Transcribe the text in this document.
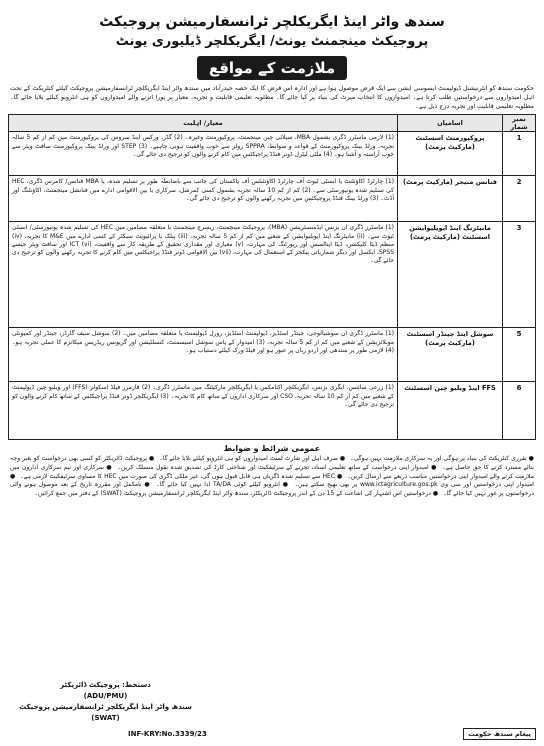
سندھ واٹر اینڈ ایگریکلچر ٹرانسفارمیشن پروجیکٹ
پروجیکٹ مینجمنٹ یونٹ/ ایگریکلچر ڈیلیوری یونٹ
ملازمت کے مواقع
حکومت سندھ کو انٹرنیشنل ڈیولپمنٹ ایسوسی ایشن سے ایک قرض موصول ہوا ہے اور ادارہ اس قرض کا ایک حصہ حیدرآباد میں سندھ واٹر اینڈ ایگریکلچر ٹرانسفارمیشن پروجیکٹ کیلئے کنٹریکٹ کے تحت اہل امیدواروں سے درخواستیں طلب کرتا ہے۔ امیدواروں کا انتخاب میرٹ کی بنیاد پر کیا جائے گا۔ مطلوبہ تعلیمی قابلیت و تجربہ، معیار پر پورا اترنے والے امیدواروں کو ہی انٹرویو کیلئے بلایا جائے گا۔ مطلوبہ تعلیمی قابلیت اور تجربہ درج ذیل ہے۔
نمبر شمار	اسامیاں	معیار/ اہلیت
1	پروکیورمنٹ اسسٹنٹ (مارکیٹ پرمٹ)	(1) لازمی ماسٹرز ڈگری بشمول MBA، سپلائی چین مینجمنٹ، پروکیورمنٹ وغیرہ۔ (2) گڈز، ورکس اینڈ سروس کی پروکیورمنٹ میں کم از کم 5 سالہ تجربہ، ورلڈ بینک پروکیورمنٹ کے قواعد و ضوابط، SPPRA رولز سے خوب واقفیت ہونی چاہیے۔ (3) STEP اور ورلڈ بینک پروکیورمنٹ سافٹ ویئر سے خوب آراستہ و آشنا ہو۔ (4) ملٹی لیٹرل ڈونر فنڈڈ پراجیکٹس میں کام کرنے والوں کو ترجیح دی جائے گی۔
2	فنانس منیجر (مارکیٹ پرمٹ)	(1) چارٹرڈ اکاؤنٹنٹ یا انسٹی ٹیوٹ آف چارٹرڈ اکاؤنٹنٹس آف پاکستان کی جانب سے باضابطہ طور پر تسلیم شدہ، یا MBA فنانس/ کامرس ڈگری، HEC کی تسلیم شدہ یونیورسٹی سے۔ (2) کم از کم 10 سالہ تجربہ بشمول کسی کمرشل، سرکاری یا بین الاقوامی ادارے میں فنانشل مینجمنٹ، اکاؤنٹنگ اور آڈٹ۔ (3) ورلڈ بینک فنڈڈ پروجیکٹس میں تجربہ رکھنے والوں کو ترجیح دی جائے گی۔
3	مانیٹرنگ اینڈ ایویلیوایشن اسسٹنٹ (مارکیٹ پرمٹ)	(1) ماسٹرز ڈگری ان بزنس ایڈمنسٹریشن (MBA)، پروجیکٹ مینجمنٹ، ریسرچ مینجمنٹ یا متعلقہ مضامین میں HEC کی تسلیم شدہ یونیورسٹی/ انسٹی ٹیوٹ سے۔ (ii) مانیٹرنگ اینڈ ایویلیوایشن کے شعبے میں کم از کم 5 سالہ تجربہ، (iii) پبلک یا پرائیویٹ سیکٹر کے کسی ادارے میں M&E کا تجربہ، (iv) منظم ڈیٹا کلیکشن، ڈیٹا اینالسس اور رپورٹنگ کی مہارت، (v) معیاری اور مقداری تحقیق کے طریقہ کار سے واقفیت، (vi) ICT اور سافٹ ویئر جیسے SPSS، ایکسل اور دیگر شماریاتی پیکجز کے استعمال کی مہارت، (vii) بین الاقوامی ڈونر فنڈڈ پراجیکٹس میں کام کرنے کا تجربہ رکھنے والوں کو ترجیح دی جائے گی۔
5	سوشل اینڈ جینڈر اسسٹنٹ (مارکیٹ پرمٹ)	(1) ماسٹرز ڈگری ان سوشیالوجی، جینڈر اسٹڈیز، ڈیولپمنٹ اسٹڈیز، رورل ڈیولپمنٹ یا متعلقہ مضامین میں۔ (2) سوشل سیف گارڈز، جینڈر اور کمیونٹی موبلائزیشن کے شعبے میں کم از کم 5 سالہ تجربہ، (3) امیدوار کے پاس سوشل اسیسمنٹ، کنسلٹیشن اور گریونس ریڈریس میکانزم کا عملی تجربہ ہو۔ (4) لازمی طور پر سندھی اور اردو زبان پر عبور ہو اور فیلڈ ورک کیلئے دستیاب ہو۔
6	FFS اینڈ ویلیو چین اسسٹنٹ	(1) زرعی سائنس، ایگری بزنس، ایگریکلچر اکنامکس یا ایگریکلچر مارکیٹنگ میں ماسٹرز ڈگری۔ (2) فارمرز فیلڈ اسکولز (FFS) اور ویلیو چین ڈیولپمنٹ کے شعبے میں کم از کم 10 سالہ تجربہ، CSO اور سرکاری اداروں کے ساتھ کام کا تجربہ۔ (3) ایگریکلچر ڈونر فنڈڈ پراجیکٹس کے ساتھ کام کرنے والوں کو ترجیح دی جائے گی۔
عمومی شرائط و ضوابط
● تقرری کنٹریکٹ کی بنیاد پر ہوگی اور یہ سرکاری ملازمت نہیں ہوگی۔ ● صرف اہل اور شارٹ لسٹ امیدواروں کو ہی انٹرویو کیلئے بلایا جائے گا۔ ● پروجیکٹ ڈائریکٹر کو کسی بھی درخواست کو بغیر وجہ بتائے مسترد کرنے کا حق حاصل ہے۔ ● امیدوار اپنی درخواست کے ساتھ تعلیمی اسناد، تجربے کے سرٹیفکیٹ اور شناختی کارڈ کی تصدیق شدہ نقول منسلک کریں۔ ● سرکاری اور نیم سرکاری اداروں میں ملازمت کرنے والے امیدوار اپنی درخواستیں مناسب ذریعے سے ارسال کریں۔ ● HEC سے تسلیم شدہ ڈگریاں ہی قابل قبول ہوں گی، غیر ملکی ڈگری کی صورت میں HEC کا مساوی سرٹیفکیٹ لازمی ہے۔ ● امیدوار اپنی درخواستیں اور سی وی www.ictagriculture.gos.pk پر بھی بھیج سکتے ہیں۔ ● انٹرویو کیلئے کوئی TA/DA ادا نہیں کیا جائے گا۔ ● نامکمل اور مقررہ تاریخ کے بعد موصول ہونے والی درخواستوں پر غور نہیں کیا جائے گا۔ ● درخواستیں اس اشتہار کی اشاعت کے 15 دن کے اندر پروجیکٹ ڈائریکٹر، سندھ واٹر اینڈ ایگریکلچر ٹرانسفارمیشن پروجیکٹ (SWAT) کے دفتر میں جمع کرائیں۔
دستخط: پروجیکٹ ڈائریکٹر
(ADU/PMU)
سندھ واٹر اینڈ ایگریکلچر ٹرانسفارمیشن پروجیکٹ
(SWAT)
INF-KRY:No.3339/23	پیغام سندھ حکومت
